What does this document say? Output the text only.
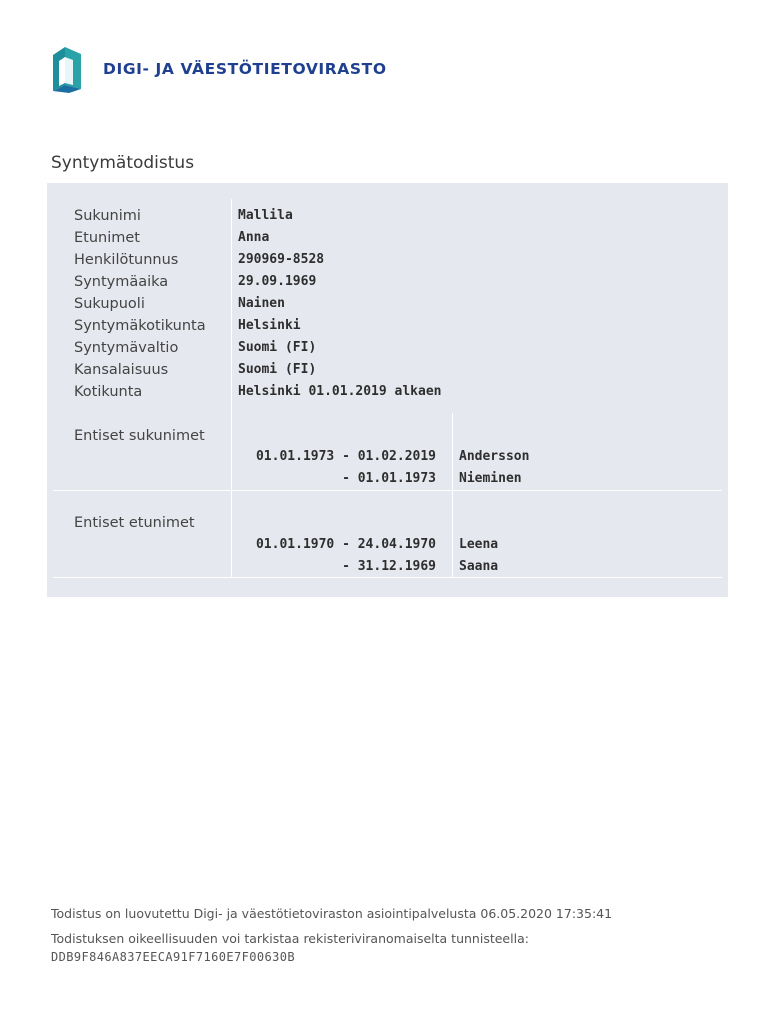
DIGI- JA VÄESTÖTIETOVIRASTO
Syntymätodistus
Sukunimi	Mallila
Etunimet	Anna
Henkilötunnus	290969-8528
Syntymäaika	29.09.1969
Sukupuoli	Nainen
Syntymäkotikunta Helsinki
Syntymävaltio	Suomi (FI)
Kansalaisuus	Suomi (FI)
Kotikunta	Helsinki 01.01.2019 alkaen
Entiset sukunimet
01.01.1973 - 01.02.2019 Andersson
- 01.01.1973 Nieminen
Entiset etunimet
01.01.1970 - 24.04.1970 Leena
- 31.12.1969 Saana
Todistus on luovutettu Digi- ja väestötietoviraston asiointipalvelusta 06.05.2020 17:35:41
Todistuksen oikeellisuuden voi tarkistaa rekisteriviranomaiselta tunnisteella:
DDB9F846A837EECA91F7160E7F00630B
